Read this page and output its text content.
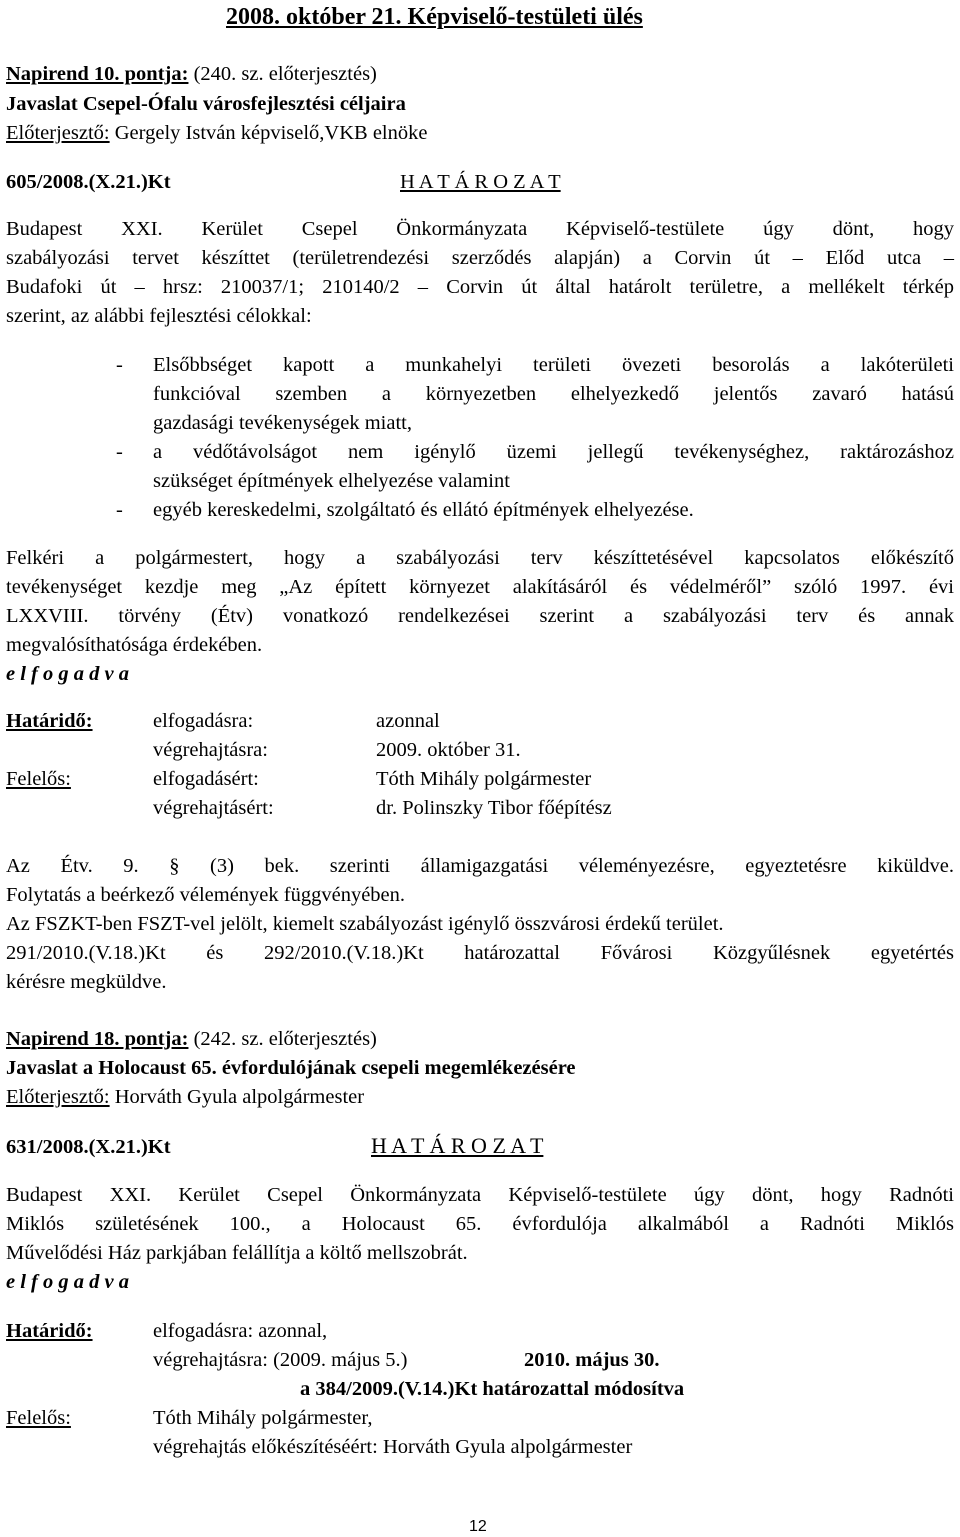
2008. október 21. Képviselő-testületi ülés
Napirend 10. pontja: (240. sz. előterjesztés)
Javaslat Csepel-Ófalu városfejlesztési céljaira
Előterjesztő: Gergely István képviselő,VKB elnöke
605/2008.(X.21.)Kt	H A T Á R O Z A T
Budapest XXI. Kerület Csepel Önkormányzata Képviselő-testülete úgy dönt, hogy
szabályozási tervet készíttet (területrendezési szerződés alapján) a Corvin út – Előd utca –
Budafoki út – hrsz: 210037/1; 210140/2 – Corvin út által határolt területre, a mellékelt térkép
szerint, az alábbi fejlesztési célokkal:
- Elsőbbséget kapott a munkahelyi területi övezeti besorolás a lakóterületi
funkcióval szemben a környezetben elhelyezkedő jelentős zavaró hatású
gazdasági tevékenységek miatt,
- a védőtávolságot nem igénylő üzemi jellegű tevékenységhez, raktározáshoz
szükséget építmények elhelyezése valamint
- egyéb kereskedelmi, szolgáltató és ellátó építmények elhelyezése.
Felkéri a polgármestert, hogy a szabályozási terv készíttetésével kapcsolatos előkészítő
tevékenységet kezdje meg „Az épített környezet alakításáról és védelméről” szóló 1997. évi
LXXVIII. törvény (Étv) vonatkozó rendelkezései szerint a szabályozási terv és annak
megvalósíthatósága érdekében.
e l f o g a d v a
Határidő:	elfogadásra:	azonnal
végrehajtásra:	2009. október 31.
Felelős:	elfogadásért:	Tóth Mihály polgármester
végrehajtásért:	dr. Polinszky Tibor főépítész
Az Étv. 9. § (3) bek. szerinti államigazgatási véleményezésre, egyeztetésre kiküldve.
Folytatás a beérkező vélemények függvényében.
Az FSZKT-ben FSZT-vel jelölt, kiemelt szabályozást igénylő összvárosi érdekű terület.
291/2010.(V.18.)Kt és 292/2010.(V.18.)Kt határozattal Fővárosi Közgyűlésnek egyetértés
kérésre megküldve.
Napirend 18. pontja: (242. sz. előterjesztés)
Javaslat a Holocaust 65. évfordulójának csepeli megemlékezésére
Előterjesztő: Horváth Gyula alpolgármester
631/2008.(X.21.)Kt	H A T Á R O Z A T
Budapest XXI. Kerület Csepel Önkormányzata Képviselő-testülete úgy dönt, hogy Radnóti
Miklós születésének 100., a Holocaust 65. évfordulója alkalmából a Radnóti Miklós
Művelődési Ház parkjában felállítja a költő mellszobrát.
e l f o g a d v a
Határidő:	elfogadásra: azonnal,
végrehajtásra: (2009. május 5.)	2010. május 30.
a 384/2009.(V.14.)Kt határozattal módosítva
Felelős:	Tóth Mihály polgármester,
végrehajtás előkészítéséért: Horváth Gyula alpolgármester
12
